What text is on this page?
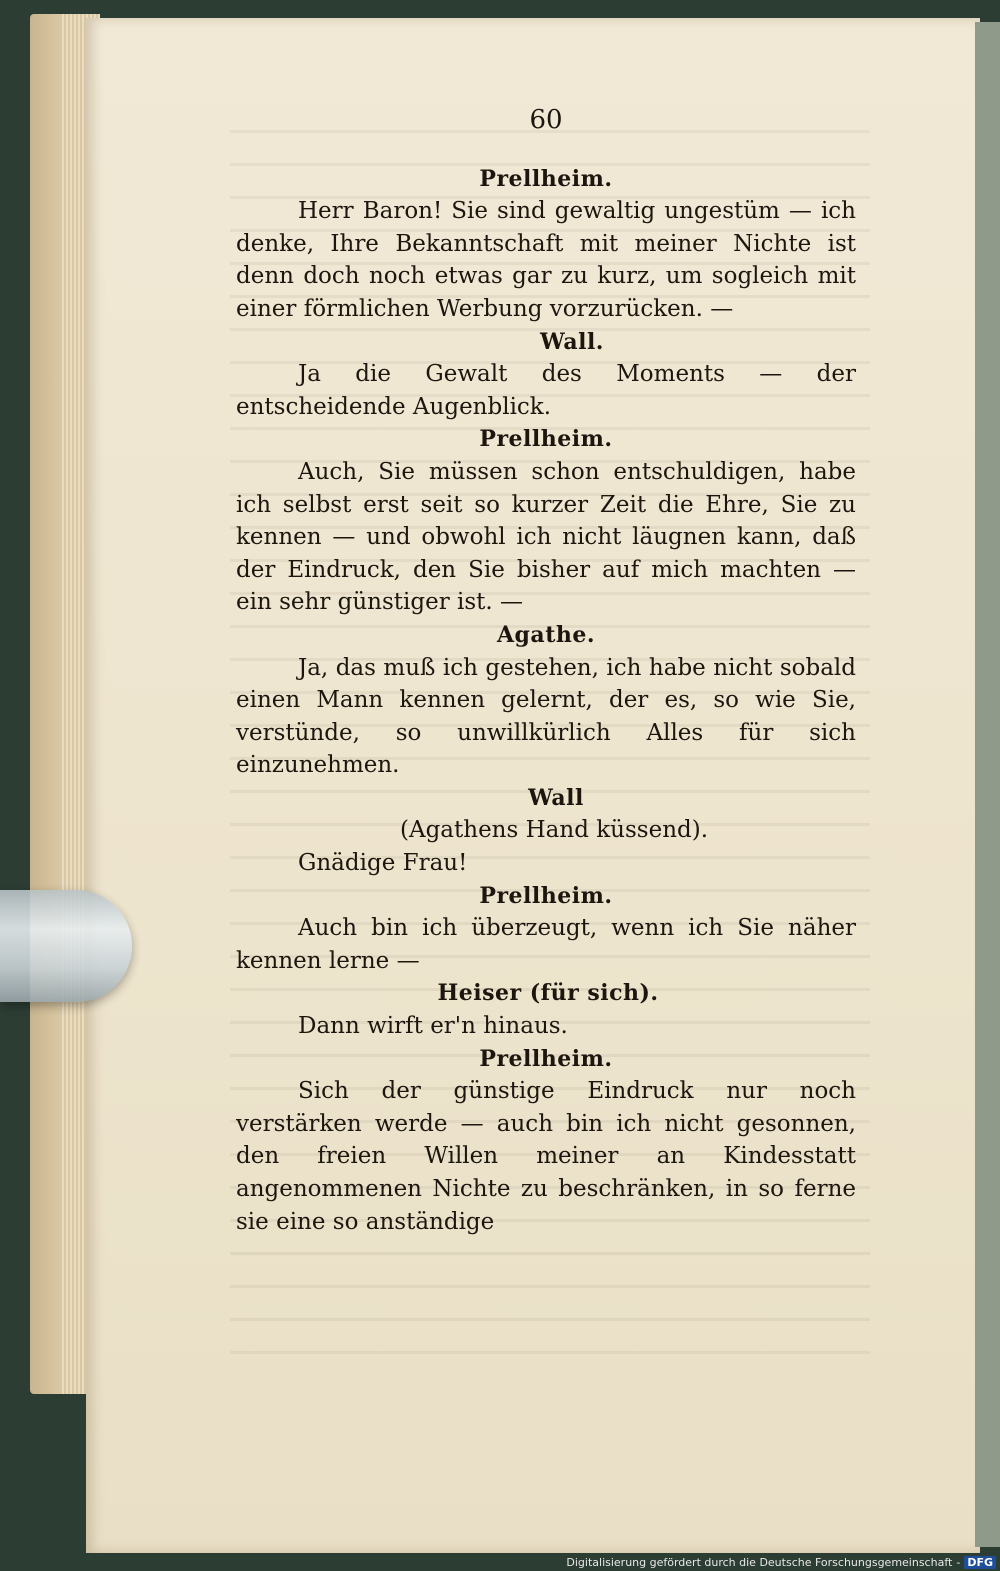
60

Prellheim.

Herr Baron! Sie sind gewaltig ungestüm — ich denke, Ihre Bekanntschaft mit meiner Nichte ist denn doch noch etwas gar zu kurz, um sogleich mit einer förmlichen Werbung vorzurücken. —

Wall.

Ja die Gewalt des Moments — der entscheidende Augenblick.

Prellheim.

Auch, Sie müssen schon entschuldigen, habe ich selbst erst seit so kurzer Zeit die Ehre, Sie zu kennen — und obwohl ich nicht läugnen kann, daß der Eindruck, den Sie bisher auf mich machten — ein sehr günstiger ist. —

Agathe.

Ja, das muß ich gestehen, ich habe nicht sobald einen Mann kennen gelernt, der es, so wie Sie, verstünde, so unwillkürlich Alles für sich einzunehmen.

Wall

(Agathens Hand küssend).

Gnädige Frau!

Prellheim.

Auch bin ich überzeugt, wenn ich Sie näher kennen lerne —

Heiser (für sich).

Dann wirft er'n hinaus.

Prellheim.

Sich der günstige Eindruck nur noch verstärken werde — auch bin ich nicht gesonnen, den freien Willen meiner an Kindesstatt angenommenen Nichte zu beschränken, in so ferne sie eine so anständige

Digitalisierung gefördert durch die Deutsche Forschungsgemeinschaft - DFG
